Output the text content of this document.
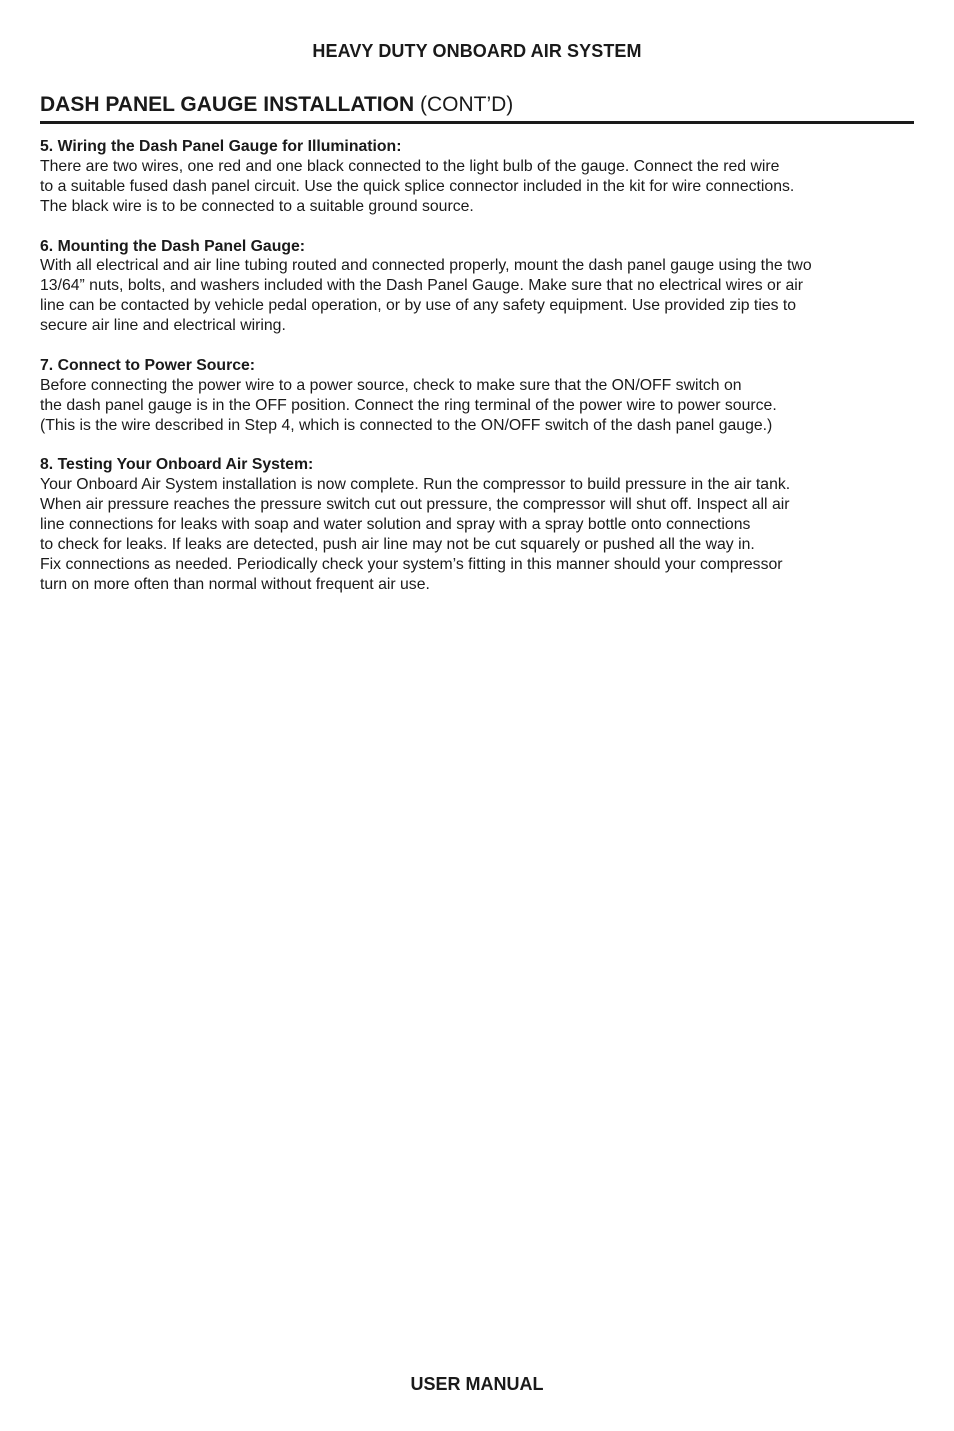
HEAVY DUTY ONBOARD AIR SYSTEM
DASH PANEL GAUGE INSTALLATION (CONT’D)
5. Wiring the Dash Panel Gauge for Illumination:
There are two wires, one red and one black connected to the light bulb of the gauge. Connect the red wire
to a suitable fused dash panel circuit. Use the quick splice connector included in the kit for wire connections.
The black wire is to be connected to a suitable ground source.
6. Mounting the Dash Panel Gauge:
With all electrical and air line tubing routed and connected properly, mount the dash panel gauge using the two
13/64” nuts, bolts, and washers included with the Dash Panel Gauge. Make sure that no electrical wires or air
line can be contacted by vehicle pedal operation, or by use of any safety equipment. Use provided zip ties to
secure air line and electrical wiring.
7. Connect to Power Source:
Before connecting the power wire to a power source, check to make sure that the ON/OFF switch on
the dash panel gauge is in the OFF position. Connect the ring terminal of the power wire to power source.
(This is the wire described in Step 4, which is connected to the ON/OFF switch of the dash panel gauge.)
8. Testing Your Onboard Air System:
Your Onboard Air System installation is now complete. Run the compressor to build pressure in the air tank.
When air pressure reaches the pressure switch cut out pressure, the compressor will shut off. Inspect all air
line connections for leaks with soap and water solution and spray with a spray bottle onto connections
to check for leaks. If leaks are detected, push air line may not be cut squarely or pushed all the way in.
Fix connections as needed. Periodically check your system’s fitting in this manner should your compressor
turn on more often than normal without frequent air use.
USER MANUAL
